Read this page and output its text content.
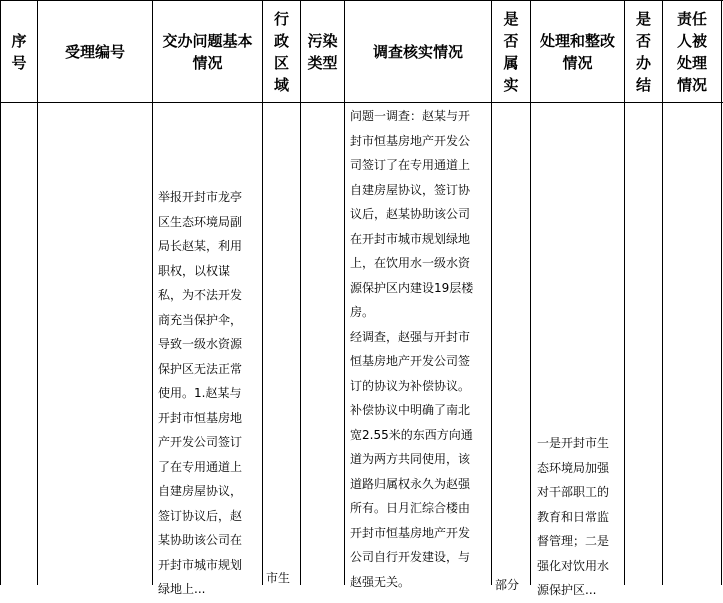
序
号
受理编号
交办问题基本
情况
行
政
区
域
污染
类型
调查核实情况
是
否
属
实
处理和整改
情况
是
否
办
结
责任
人被
处理
情况
举报开封市龙亭
区生态环境局副
局长赵某，利用
职权，以权谋
私，为不法开发
商充当保护伞，
导致一级水资源
保护区无法正常
使用。1.赵某与
开封市恒基房地
产开发公司签订
了在专用通道上
自建房屋协议，
签订协议后，赵
某协助该公司在
开封市城市规划
绿地上...
问题一调查：赵某与开
封市恒基房地产开发公
司签订了在专用通道上
自建房屋协议，签订协
议后，赵某协助该公司
在开封市城市规划绿地
上，在饮用水一级水资
源保护区内建设19层楼
房。
经调查，赵强与开封市
恒基房地产开发公司签
订的协议为补偿协议。
补偿协议中明确了南北
宽2.55米的东西方向通
道为两方共同使用，该
道路归属权永久为赵强
所有。日月汇综合楼由
开封市恒基房地产开发
公司自行开发建设，与
赵强无关。
一是开封市生
态环境局加强
对干部职工的
教育和日常监
督管理；二是
强化对饮用水
源保护区...
市生	部分
